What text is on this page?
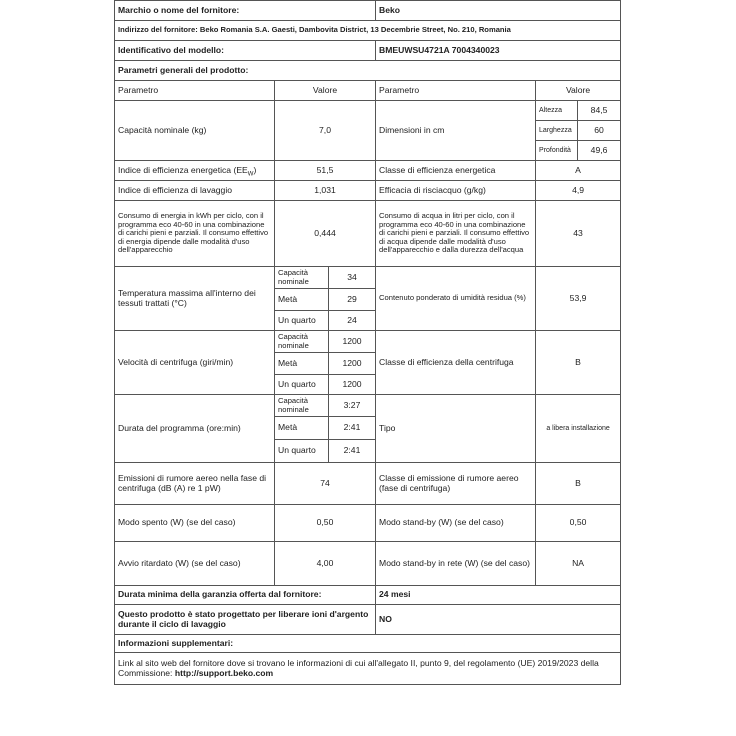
Marchio o nome del fornitore:			Beko		
Indirizzo del fornitore: Beko Romania S.A. Gaesti, Dambovita District, 13 Decembrie Street, No. 210, Romania					
Identificativo del modello:			BMEUWSU4721A 7004340023		
Parametri generali del prodotto:					
Parametro	Valore		Parametro	Valore	
Capacità nominale (kg)	7,0		Dimensioni in cm	Altezza	84,5
				Larghezza	60
				Profondità	49,6
Indice di efficienza energetica $(EE_W)$	51,5		Classe di efficienza energetica	A	
Indice di efficienza di lavaggio	1,031		Efficacia di risciacquo (g/kg)	4,9	
Consumo di energia in kWh per ciclo, con il programma eco 40-60 in una combinazione di carichi pieni e parziali. Il consumo effettivo di energia dipende dalle modalità d'uso dell'apparecchio	0,444		Consumo di acqua in litri per ciclo, con il programma eco 40-60 in una combinazione di carichi pieni e parziali. Il consumo effettivo di acqua dipende dalle modalità d'uso dell'apparecchio e dalla durezza dell'acqua	43	
Temperatura massima all'interno dei tessuti trattati (°C)	Capacità nominale	34	Contenuto ponderato di umidità residua (%)	53,9	
	Metà	29			
	Un quarto	24			
Velocità di centrifuga (giri/min)	Capacità nominale	1200	Classe di efficienza della centrifuga	B	
	Metà	1200			
	Un quarto	1200			
Durata del programma (ore:min)	Capacità nominale	3:27	Tipo	a libera installazione	
	Metà	2:41			
	Un quarto	2:41			
Emissioni di rumore aereo nella fase di centrifuga (dB (A) re 1 pW)	74		Classe di emissione di rumore aereo (fase di centrifuga)	B	
Modo spento (W) (se del caso)	0,50		Modo stand-by (W) (se del caso)	0,50	
Avvio ritardato (W) (se del caso)	4,00		Modo stand-by in rete (W) (se del caso)	NA	
Durata minima della garanzia offerta dal fornitore:			24 mesi		
Questo prodotto è stato progettato per liberare ioni d'argento durante il ciclo di lavaggio			NO		
Informazioni supplementari:					
Link al sito web del fornitore dove si trovano le informazioni di cui all'allegato II, punto 9, del regolamento (UE) 2019/2023 della Commissione: http://support.beko.com					
